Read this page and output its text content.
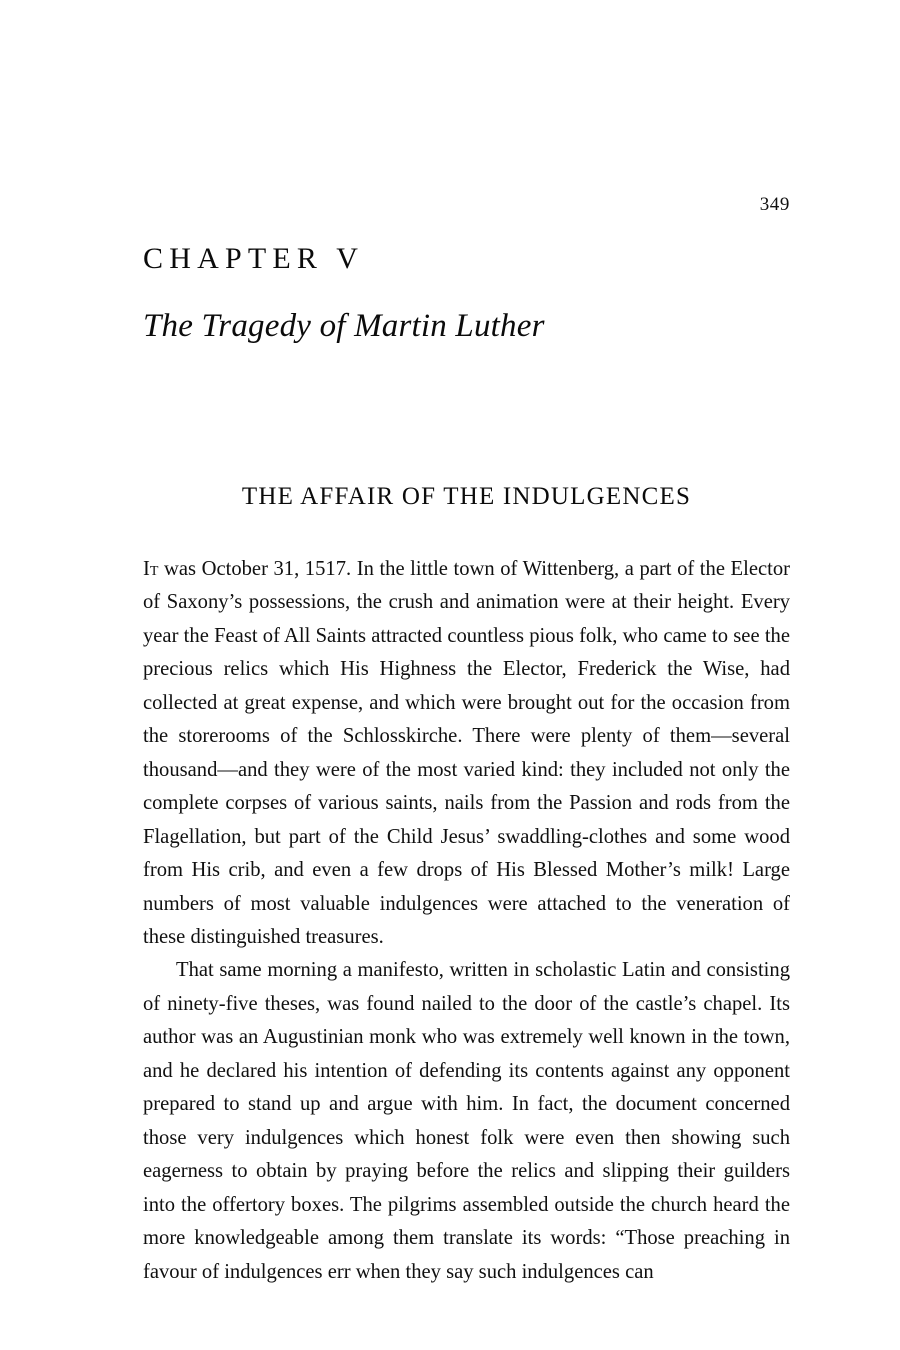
349
CHAPTER V
The Tragedy of Martin Luther
THE AFFAIR OF THE INDULGENCES

It was October 31, 1517. In the little town of Wittenberg, a part of the Elector of Saxony’s possessions, the crush and animation were at their height. Every year the Feast of All Saints attracted countless pious folk, who came to see the precious relics which His Highness the Elector, Frederick the Wise, had collected at great expense, and which were brought out for the occasion from the storerooms of the Schlosskirche. There were plenty of them—several thousand—and they were of the most varied kind: they included not only the complete corpses of various saints, nails from the Passion and rods from the Flagellation, but part of the Child Jesus’ swaddling-clothes and some wood from His crib, and even a few drops of His Blessed Mother’s milk! Large numbers of most valuable indulgences were attached to the veneration of these distinguished treasures.

That same morning a manifesto, written in scholastic Latin and consisting of ninety-five theses, was found nailed to the door of the castle’s chapel. Its author was an Augustinian monk who was extremely well known in the town, and he declared his intention of defending its contents against any opponent prepared to stand up and argue with him. In fact, the document concerned those very indulgences which honest folk were even then showing such eagerness to obtain by praying before the relics and slipping their guilders into the offertory boxes. The pilgrims assembled outside the church heard the more knowledgeable among them translate its words: “Those preaching in favour of indulgences err when they say such indulgences can
